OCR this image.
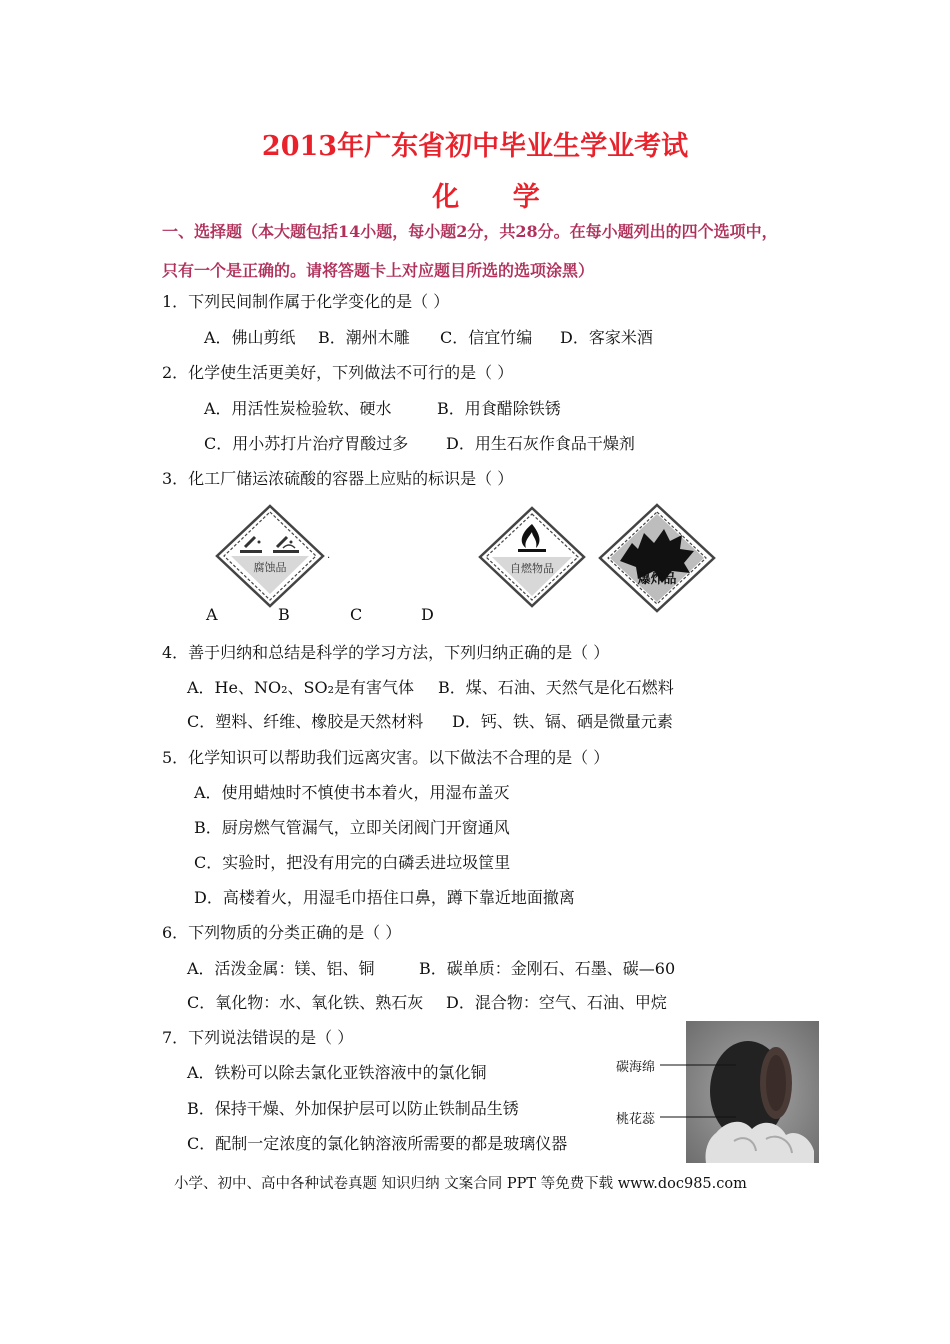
2013年广东省初中毕业生学业考试
化 学
一、选择题（本大题包括14小题，每小题2分，共28分。在每小题列出的四个选项中，
只有一个是正确的。请将答题卡上对应题目所选的选项涂黑）
1．下列民间制作属于化学变化的是（ ）
A．佛山剪纸 B．潮州木雕 C．信宜竹编 D．客家米酒
2．化学使生活更美好，下列做法不可行的是（ ）
A．用活性炭检验软、硬水	B．用食醋除铁锈
C．用小苏打片治疗胃酸过多 D．用生石灰作食品干燥剂
3．化工厂储运浓硫酸的容器上应贴的标识是（ ）
腐蚀品
.
自燃物品
爆炸品
A	B	C	D
4．善于归纳和总结是科学的学习方法，下列归纳正确的是（ ）
A．He、NO₂、SO₂是有害气体 B．煤、石油、天然气是化石燃料
C．塑料、纤维、橡胶是天然材料 D．钙、铁、镉、硒是微量元素
5．化学知识可以帮助我们远离灾害。以下做法不合理的是（ ）
A．使用蜡烛时不慎使书本着火，用湿布盖灭
B．厨房燃气管漏气，立即关闭阀门开窗通风
C．实验时，把没有用完的白磷丢进垃圾筐里
D．高楼着火，用湿毛巾捂住口鼻，蹲下靠近地面撤离
6．下列物质的分类正确的是（ ）
A．活泼金属：镁、铝、铜	B．碳单质：金刚石、石墨、碳—60
C．氧化物：水、氧化铁、熟石灰 D．混合物：空气、石油、甲烷
7．下列说法错误的是（ ）
A．铁粉可以除去氯化亚铁溶液中的氯化铜
B．保持干燥、外加保护层可以防止铁制品生锈
C．配制一定浓度的氯化钠溶液所需要的都是玻璃仪器
碳海绵
桃花蕊
小学、初中、高中各种试卷真题 知识归纳 文案合同 PPT 等免费下载 www.doc985.com
